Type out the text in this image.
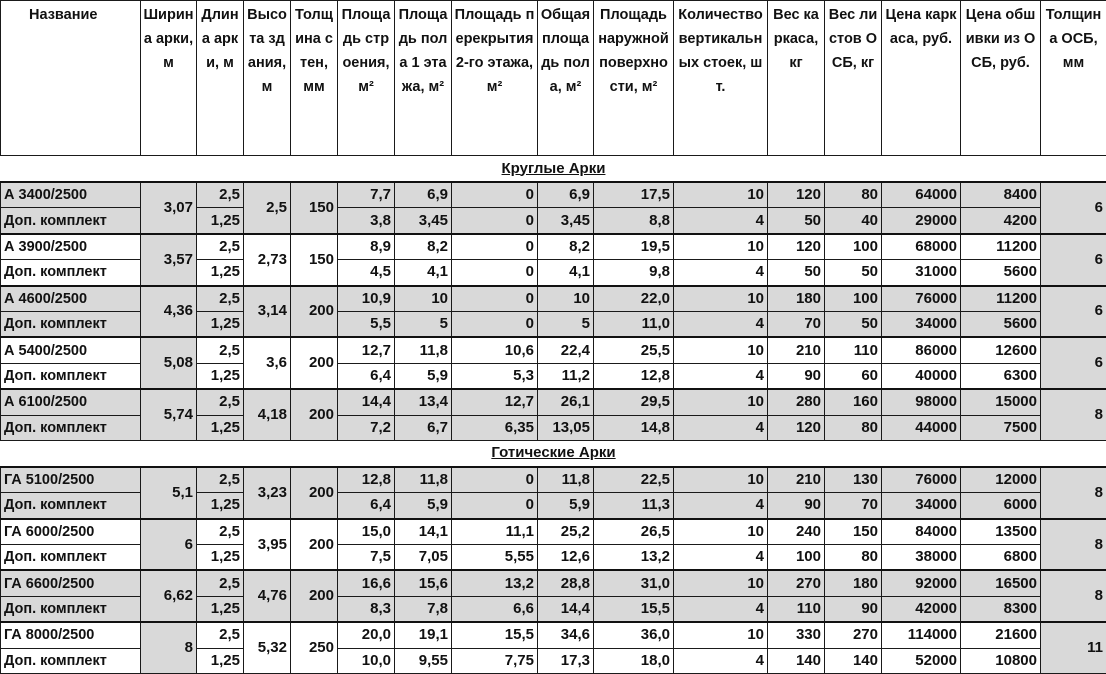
Название	Ширина арки, м	Длина арки, м	Высота здания, м	Толщина стен, мм	Площадь строения, м²	Площадь пола 1 этажа, м²	Площадь перекрытия 2-го этажа, м²	Общая площадь пола, м²	Площадь наружной поверхности, м²	Количество вертикальных стоек, шт.	Вес каркаса, кг	Вес листов ОСБ, кг	Цена каркаса, руб.	Цена обшивки из ОСБ, руб.	Толщина ОСБ, мм
Круглые Арки															
А 3400/2500	3,07	2,5	2,5	150	7,7	6,9	0	6,9	17,5	10	120	80	64000	8400	6
Доп. комплект		1,25			3,8	3,45	0	3,45	8,8	4	50	40	29000	4200	
А 3900/2500	3,57	2,5	2,73	150	8,9	8,2	0	8,2	19,5	10	120	100	68000	11200	6
Доп. комплект		1,25			4,5	4,1	0	4,1	9,8	4	50	50	31000	5600	
А 4600/2500	4,36	2,5	3,14	200	10,9	10	0	10	22,0	10	180	100	76000	11200	6
Доп. комплект		1,25			5,5	5	0	5	11,0	4	70	50	34000	5600	
А 5400/2500	5,08	2,5	3,6	200	12,7	11,8	10,6	22,4	25,5	10	210	110	86000	12600	6
Доп. комплект		1,25			6,4	5,9	5,3	11,2	12,8	4	90	60	40000	6300	
А 6100/2500	5,74	2,5	4,18	200	14,4	13,4	12,7	26,1	29,5	10	280	160	98000	15000	8
Доп. комплект		1,25			7,2	6,7	6,35	13,05	14,8	4	120	80	44000	7500	
Готические Арки															
ГА 5100/2500	5,1	2,5	3,23	200	12,8	11,8	0	11,8	22,5	10	210	130	76000	12000	8
Доп. комплект		1,25			6,4	5,9	0	5,9	11,3	4	90	70	34000	6000	
ГА 6000/2500	6	2,5	3,95	200	15,0	14,1	11,1	25,2	26,5	10	240	150	84000	13500	8
Доп. комплект		1,25			7,5	7,05	5,55	12,6	13,2	4	100	80	38000	6800	
ГА 6600/2500	6,62	2,5	4,76	200	16,6	15,6	13,2	28,8	31,0	10	270	180	92000	16500	8
Доп. комплект		1,25			8,3	7,8	6,6	14,4	15,5	4	110	90	42000	8300	
ГА 8000/2500	8	2,5	5,32	250	20,0	19,1	15,5	34,6	36,0	10	330	270	114000	21600	11
Доп. комплект		1,25			10,0	9,55	7,75	17,3	18,0	4	140	140	52000	10800	
